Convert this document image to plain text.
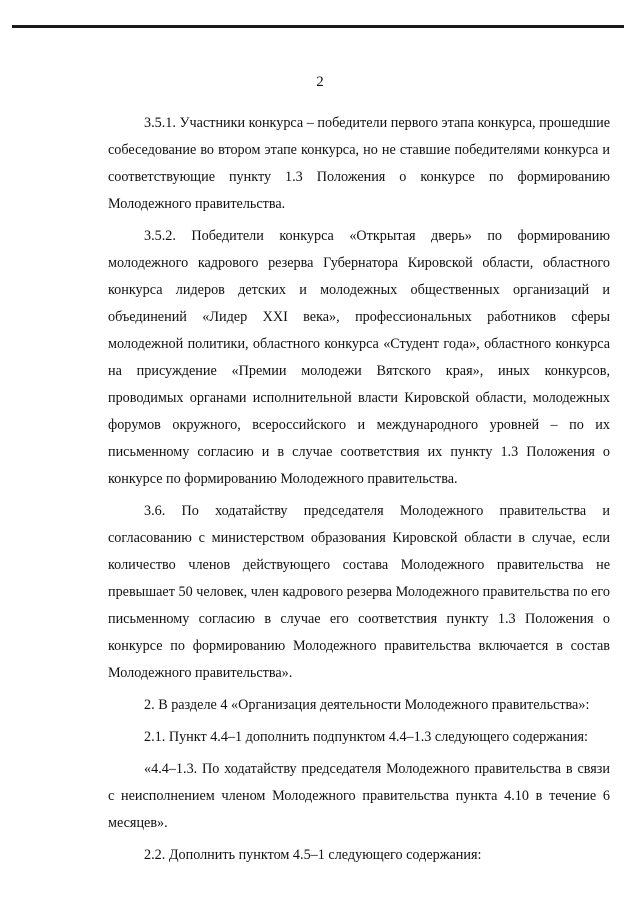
2

3.5.1. Участники конкурса – победители первого этапа конкурса, прошедшие собеседование во втором этапе конкурса, но не ставшие победителями конкурса и соответствующие пункту 1.3 Положения о конкурсе по формированию Молодежного правительства.

3.5.2. Победители конкурса «Открытая дверь» по формированию молодежного кадрового резерва Губернатора Кировской области, областного конкурса лидеров детских и молодежных общественных организаций и объединений «Лидер XXI века», профессиональных работников сферы молодежной политики, областного конкурса «Студент года», областного конкурса на присуждение «Премии молодежи Вятского края», иных конкурсов, проводимых органами исполнительной власти Кировской области, молодежных форумов окружного, всероссийского и международного уровней – по их письменному согласию и в случае соответствия их пункту 1.3 Положения о конкурсе по формированию Молодежного правительства.

3.6. По ходатайству председателя Молодежного правительства и согласованию с министерством образования Кировской области в случае, если количество членов действующего состава Молодежного правительства не превышает 50 человек, член кадрового резерва Молодежного правительства по его письменному согласию в случае его соответствия пункту 1.3 Положения о конкурсе по формированию Молодежного правительства включается в состав Молодежного правительства».

2. В разделе 4 «Организация деятельности Молодежного правительства»:

2.1. Пункт 4.4–1 дополнить подпунктом 4.4–1.3 следующего содержания:

«4.4–1.3. По ходатайству председателя Молодежного правительства в связи с неисполнением членом Молодежного правительства пункта 4.10 в течение 6 месяцев».

2.2. Дополнить пунктом 4.5–1 следующего содержания:
